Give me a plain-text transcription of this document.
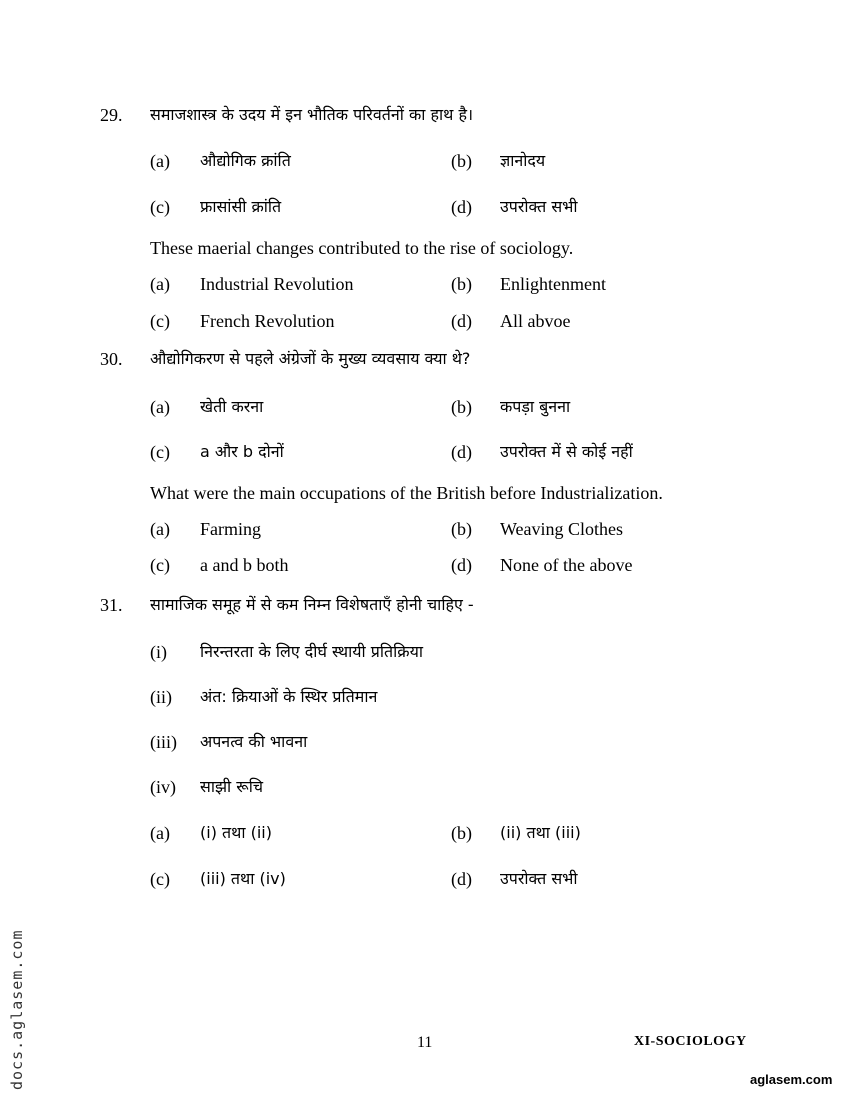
29. समाजशास्त्र के उदय में इन भौतिक परिवर्तनों का हाथ है।
(a) औद्योगिक क्रांति	(b) ज्ञानोदय
(c) फ्रासांसी क्रांति	(d) उपरोक्त सभी
These maerial changes contributed to the rise of sociology.
(a) Industrial Revolution	(b) Enlightenment
(c) French Revolution	(d) All abvoe
30. औद्योगिकरण से पहले अंग्रेजों के मुख्य व्यवसाय क्या थे?
(a) खेती करना	(b) कपड़ा बुनना
(c) a और b दोनों	(d) उपरोक्त में से कोई नहीं
What were the main occupations of the British before Industrialization.
(a) Farming	(b) Weaving Clothes
(c) a and b both	(d) None of the above
31. सामाजिक समूह में से कम निम्न विशेषताएँ होनी चाहिए -
(i) निरन्तरता के लिए दीर्घ स्थायी प्रतिक्रिया
(ii) अंत: क्रियाओं के स्थिर प्रतिमान
(iii) अपनत्व की भावना
(iv) साझी रूचि
(a) (i) तथा (ii)	(b) (ii) तथा (iii)
(c) (iii) तथा (iv)	(d) उपरोक्त सभी
11	XI-SOCIOLOGY
docs.aglasem.com	aglasem.com
